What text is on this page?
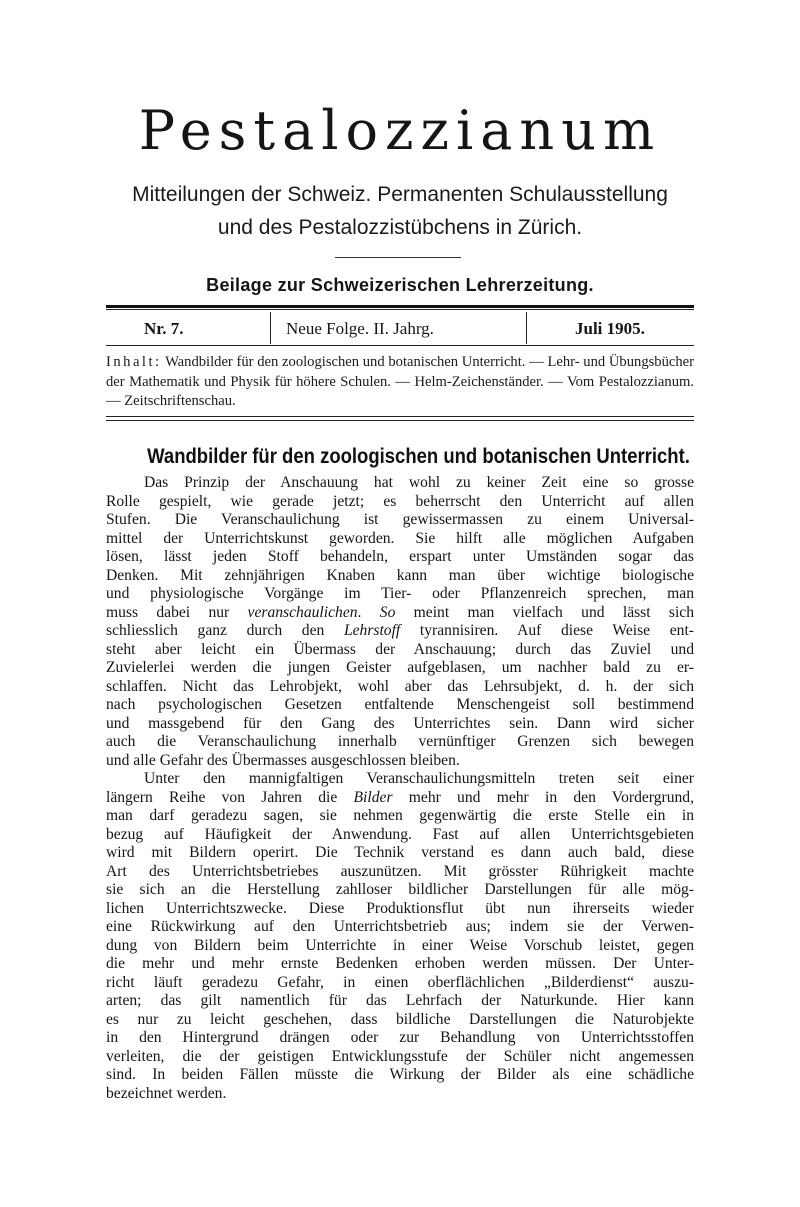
Pestalozzianum
Mitteilungen der Schweiz. Permanenten Schulausstellung
und des Pestalozzistübchens in Zürich.
Beilage zur Schweizerischen Lehrerzeitung.
Nr. 7.	Neue Folge. II. Jahrg.	Juli 1905.
Inhalt: Wandbilder für den zoologischen und botanischen Unterricht. — Lehr- und Übungsbücher der Mathematik und Physik für höhere Schulen. — Helm-Zeichenständer. — Vom Pestalozzianum. — Zeitschriftenschau.
Wandbilder für den zoologischen und botanischen Unterricht.
Das Prinzip der Anschauung hat wohl zu keiner Zeit eine so grosse
Rolle gespielt, wie gerade jetzt; es beherrscht den Unterricht auf allen
Stufen. Die Veranschaulichung ist gewissermassen zu einem Universal-
mittel der Unterrichtskunst geworden. Sie hilft alle möglichen Aufgaben
lösen, lässt jeden Stoff behandeln, erspart unter Umständen sogar das
Denken. Mit zehnjährigen Knaben kann man über wichtige biologische
und physiologische Vorgänge im Tier- oder Pflanzenreich sprechen, man
muss dabei nur veranschaulichen. So meint man vielfach und lässt sich
schliesslich ganz durch den Lehrstoff tyrannisiren. Auf diese Weise ent-
steht aber leicht ein Übermass der Anschauung; durch das Zuviel und
Zuvielerlei werden die jungen Geister aufgeblasen, um nachher bald zu er-
schlaffen. Nicht das Lehrobjekt, wohl aber das Lehrsubjekt, d. h. der sich
nach psychologischen Gesetzen entfaltende Menschengeist soll bestimmend
und massgebend für den Gang des Unterrichtes sein. Dann wird sicher
auch die Veranschaulichung innerhalb vernünftiger Grenzen sich bewegen
und alle Gefahr des Übermasses ausgeschlossen bleiben.
Unter den mannigfaltigen Veranschaulichungsmitteln treten seit einer
längern Reihe von Jahren die Bilder mehr und mehr in den Vordergrund,
man darf geradezu sagen, sie nehmen gegenwärtig die erste Stelle ein in
bezug auf Häufigkeit der Anwendung. Fast auf allen Unterrichtsgebieten
wird mit Bildern operirt. Die Technik verstand es dann auch bald, diese
Art des Unterrichtsbetriebes auszunützen. Mit grösster Rührigkeit machte
sie sich an die Herstellung zahlloser bildlicher Darstellungen für alle mög-
lichen Unterrichtszwecke. Diese Produktionsflut übt nun ihrerseits wieder
eine Rückwirkung auf den Unterrichtsbetrieb aus; indem sie der Verwen-
dung von Bildern beim Unterrichte in einer Weise Vorschub leistet, gegen
die mehr und mehr ernste Bedenken erhoben werden müssen. Der Unter-
richt läuft geradezu Gefahr, in einen oberflächlichen „Bilderdienst“ auszu-
arten; das gilt namentlich für das Lehrfach der Naturkunde. Hier kann
es nur zu leicht geschehen, dass bildliche Darstellungen die Naturobjekte
in den Hintergrund drängen oder zur Behandlung von Unterrichtsstoffen
verleiten, die der geistigen Entwicklungsstufe der Schüler nicht angemessen
sind. In beiden Fällen müsste die Wirkung der Bilder als eine schädliche
bezeichnet werden.
